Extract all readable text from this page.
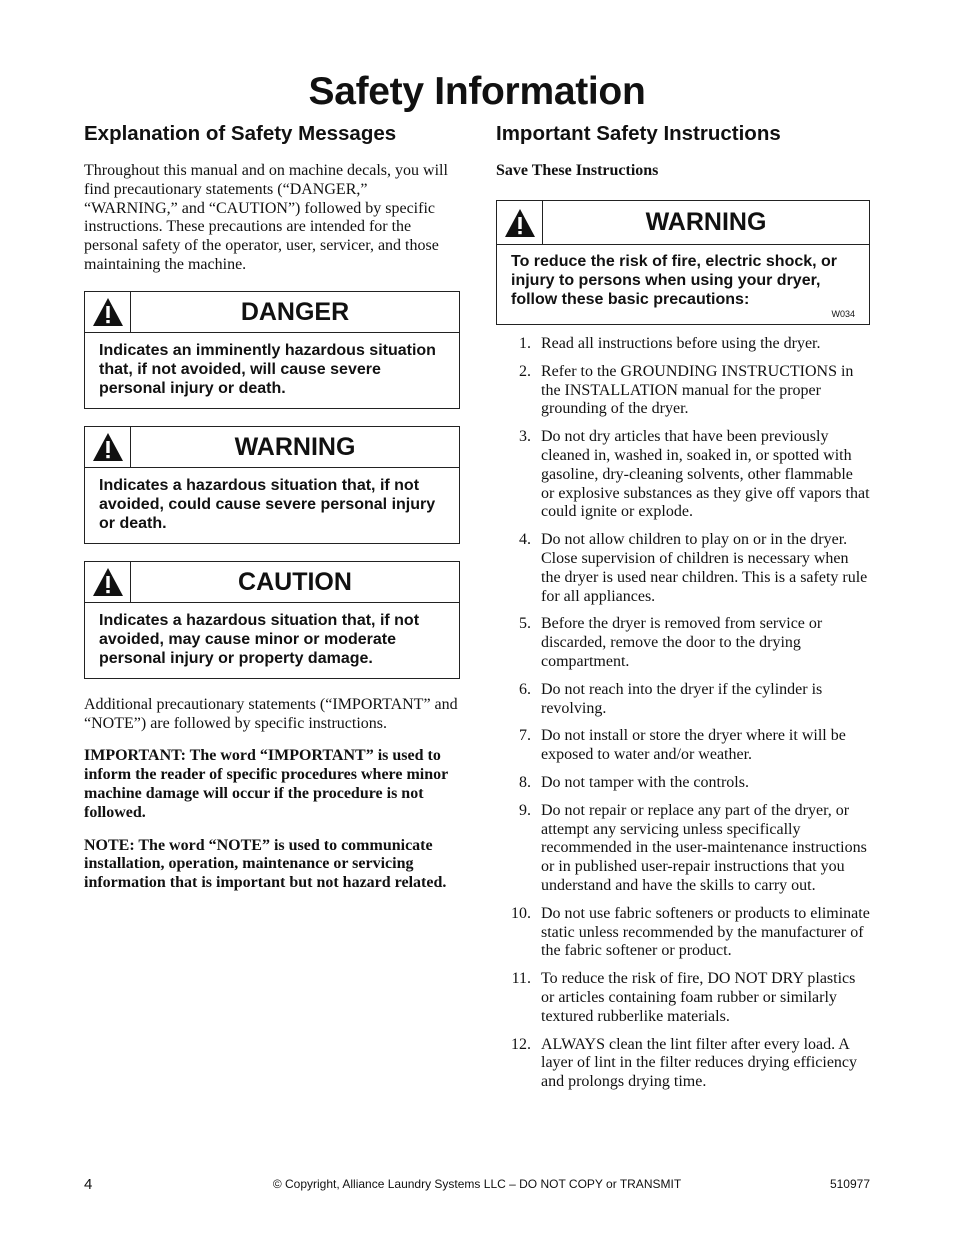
Safety Information
Explanation of Safety Messages

Throughout this manual and on machine decals, you will find precautionary statements (“DANGER,” “WARNING,” and “CAUTION”) followed by specific instructions. These precautions are intended for the personal safety of the operator, user, servicer, and those maintaining the machine.

DANGER
Indicates an imminently hazardous situation that, if not avoided, will cause severe personal injury or death.
WARNING
Indicates a hazardous situation that, if not avoided, could cause severe personal injury or death.
CAUTION
Indicates a hazardous situation that, if not avoided, may cause minor or moderate personal injury or property damage.

Additional precautionary statements (“IMPORTANT” and “NOTE”) are followed by specific instructions.

IMPORTANT: The word “IMPORTANT” is used to inform the reader of specific procedures where minor machine damage will occur if the procedure is not followed.

NOTE: The word “NOTE” is used to communicate installation, operation, maintenance or servicing information that is important but not hazard related.

Important Safety Instructions
Save These Instructions
WARNING
To reduce the risk of fire, electric shock, or injury to persons when using your dryer, follow these basic precautions:
W034
1. Read all instructions before using the dryer.
2. Refer to the GROUNDING INSTRUCTIONS in the INSTALLATION manual for the proper grounding of the dryer.
3. Do not dry articles that have been previously cleaned in, washed in, soaked in, or spotted with gasoline, dry-cleaning solvents, other flammable or explosive substances as they give off vapors that could ignite or explode.
4. Do not allow children to play on or in the dryer. Close supervision of children is necessary when the dryer is used near children. This is a safety rule for all appliances.
5. Before the dryer is removed from service or discarded, remove the door to the drying compartment.
6. Do not reach into the dryer if the cylinder is revolving.
7. Do not install or store the dryer where it will be exposed to water and/or weather.
8. Do not tamper with the controls.
9. Do not repair or replace any part of the dryer, or attempt any servicing unless specifically recommended in the user-maintenance instructions or in published user-repair instructions that you understand and have the skills to carry out.
10. Do not use fabric softeners or products to eliminate static unless recommended by the manufacturer of the fabric softener or product.
11. To reduce the risk of fire, DO NOT DRY plastics or articles containing foam rubber or similarly textured rubberlike materials.
12. ALWAYS clean the lint filter after every load. A layer of lint in the filter reduces drying efficiency and prolongs drying time.
4	© Copyright, Alliance Laundry Systems LLC – DO NOT COPY or TRANSMIT	510977
